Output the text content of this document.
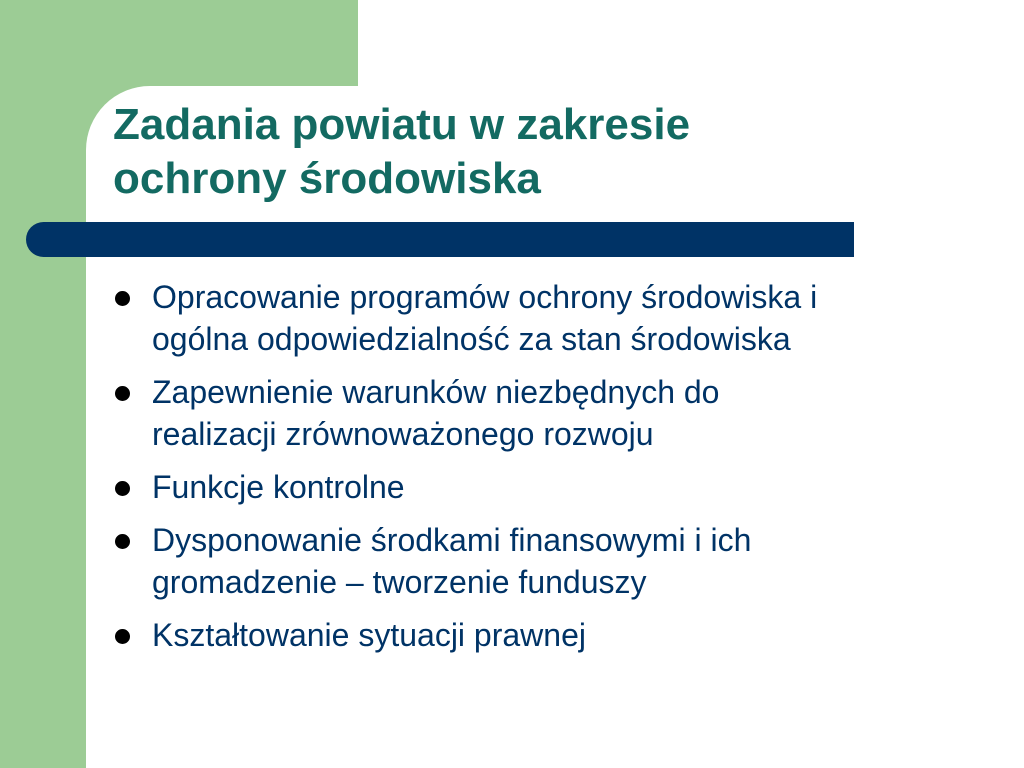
Zadania powiatu w zakresie
ochrony środowiska
Opracowanie programów ochrony środowiska i
ogólna odpowiedzialność za stan środowiska
Zapewnienie warunków niezbędnych do
realizacji zrównoważonego rozwoju
Funkcje kontrolne
Dysponowanie środkami finansowymi i ich
gromadzenie – tworzenie funduszy
Kształtowanie sytuacji prawnej
